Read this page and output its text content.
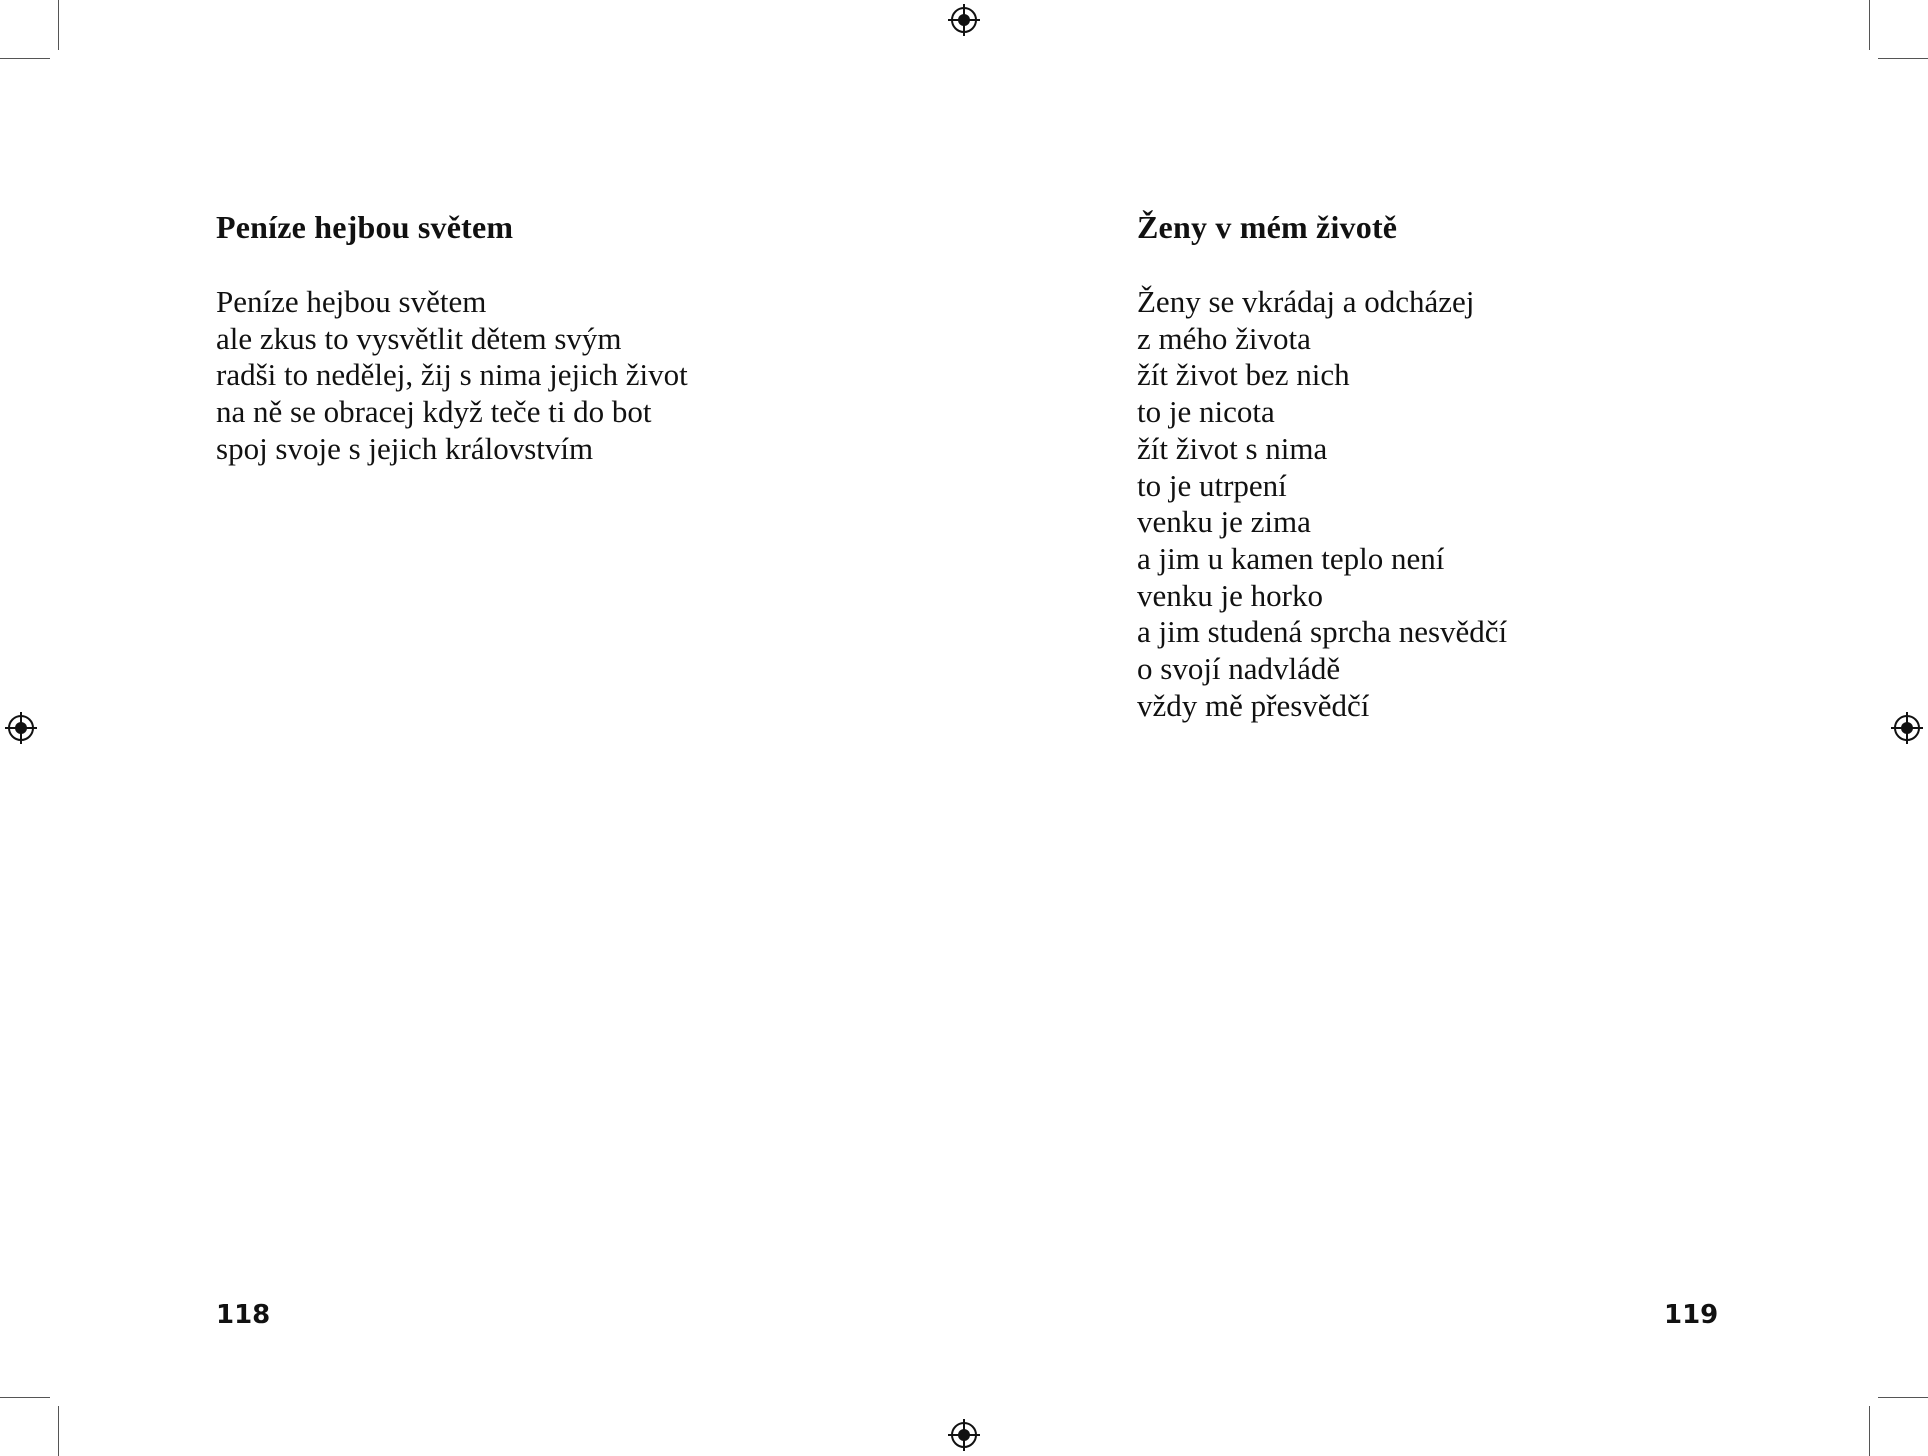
Peníze hejbou světem
Peníze hejbou světem
ale zkus to vysvětlit dětem svým
radši to nedělej, žij s nima jejich život
na ně se obracej když teče ti do bot
spoj svoje s jejich královstvím
118
Ženy v mém životě
Ženy se vkrádaj a odcházej
z mého života
žít život bez nich
to je nicota
žít život s nima
to je utrpení
venku je zima
a jim u kamen teplo není
venku je horko
a jim studená sprcha nesvědčí
o svojí nadvládě
vždy mě přesvědčí
119
